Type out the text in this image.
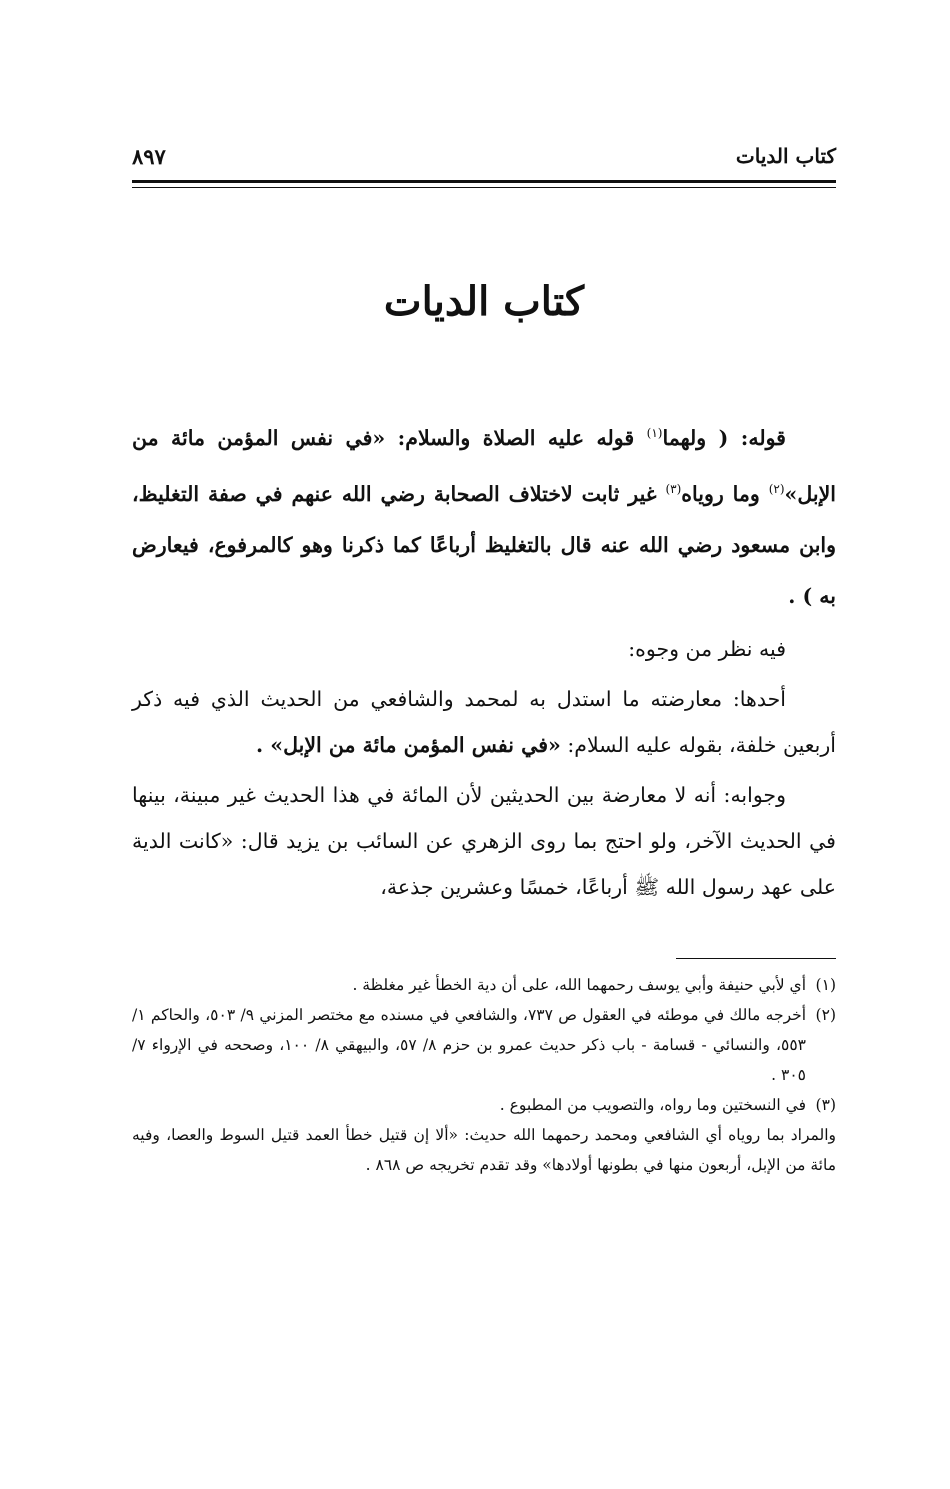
كتاب الديات
٨٩٧
كتاب الديات

قوله: ( ولهما$^{(١)}$ قوله عليه الصلاة والسلام: «في نفس المؤمن مائة من الإبل»$^{(٢)}$ وما روياه$^{(٣)}$ غير ثابت لاختلاف الصحابة رضي الله عنهم في صفة التغليظ، وابن مسعود رضي الله عنه قال بالتغليظ أرباعًا كما ذكرنا وهو كالمرفوع، فيعارض به ) .

فيه نظر من وجوه:

أحدها: معارضته ما استدل به لمحمد والشافعي من الحديث الذي فيه ذكر أربعين خلفة، بقوله عليه السلام: «في نفس المؤمن مائة من الإبل» .

وجوابه: أنه لا معارضة بين الحديثين لأن المائة في هذا الحديث غير مبينة، بينها في الحديث الآخر، ولو احتج بما روى الزهري عن السائب بن يزيد قال: «كانت الدية على عهد رسول الله ﷺ أرباعًا، خمسًا وعشرين جذعة،

(١)
أي لأبي حنيفة وأبي يوسف رحمهما الله، على أن دية الخطأ غير مغلظة .
(٢)
أخرجه مالك في موطئه في العقول ص ٧٣٧، والشافعي في مسنده مع مختصر المزني ٩/ ٥٠٣، والحاكم ١/ ٥٥٣، والنسائي - قسامة - باب ذكر حديث عمرو بن حزم ٨/ ٥٧، والبيهقي ٨/ ١٠٠، وصححه في الإرواء ٧/ ٣٠٥ .
(٣)
في النسختين وما رواه، والتصويب من المطبوع .
والمراد بما روياه أي الشافعي ومحمد رحمهما الله حديث: «ألا إن قتيل خطأ العمد قتيل السوط والعصا، وفيه مائة من الإبل، أربعون منها في بطونها أولادها» وقد تقدم تخريجه ص ٨٦٨ .
